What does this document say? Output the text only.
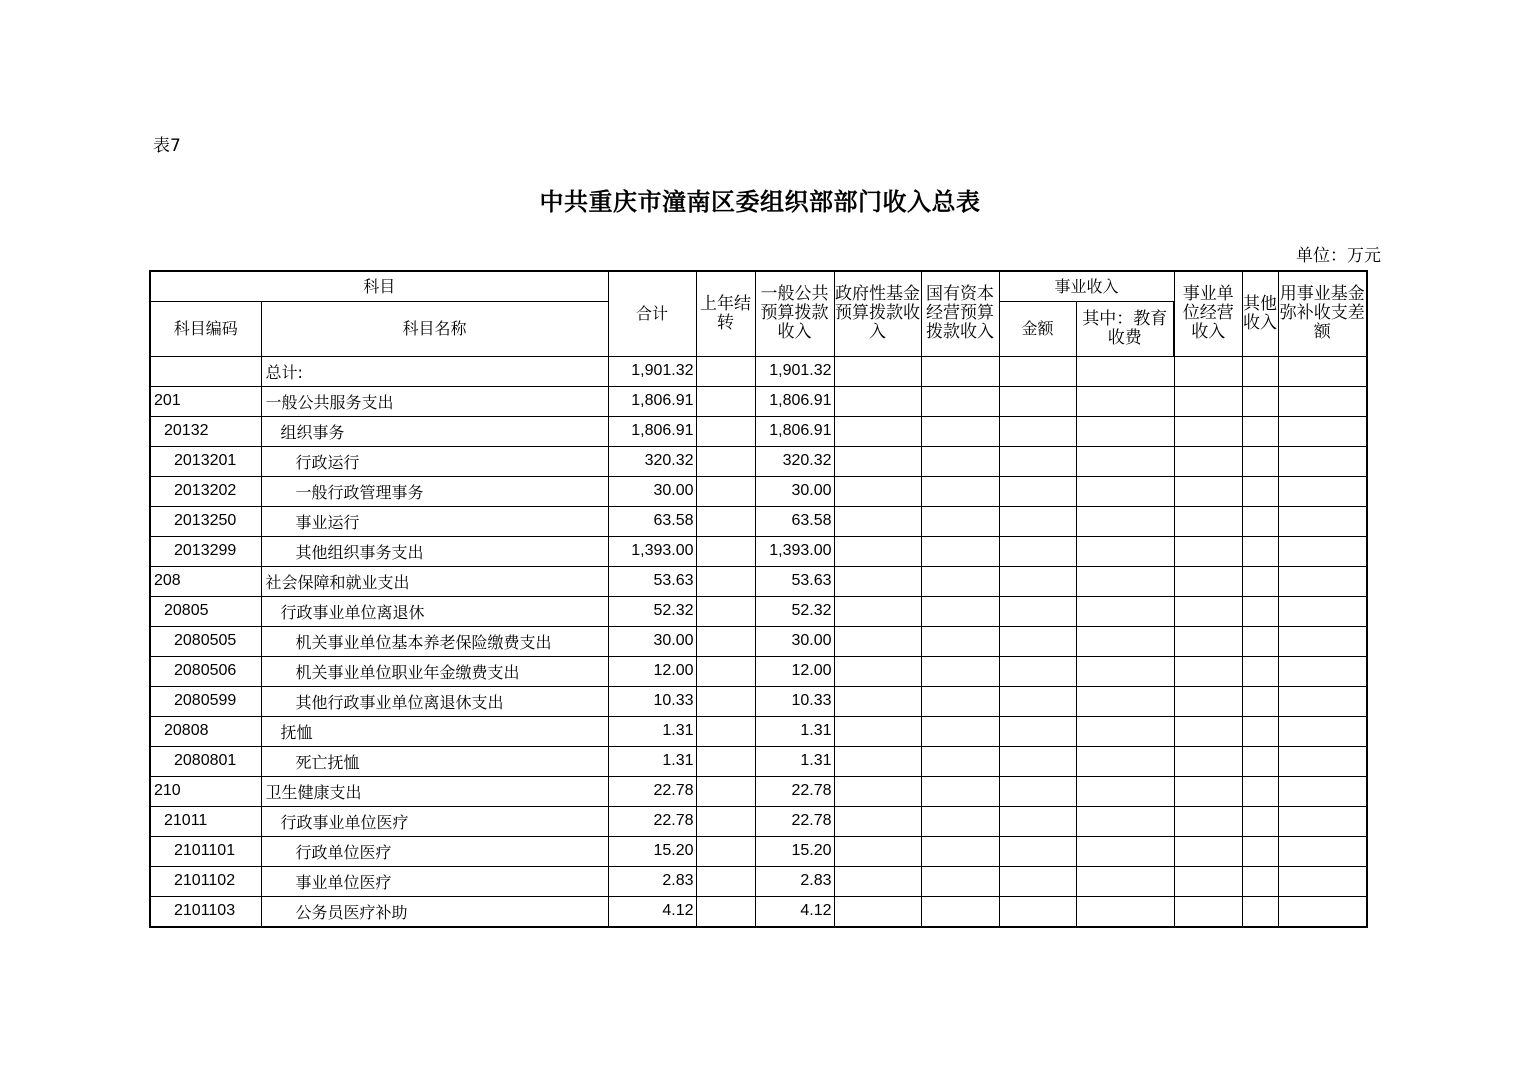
表7
中共重庆市潼南区委组织部部门收入总表
单位：万元
科目		合计	上年结转	一般公共预算拨款收入	政府性基金预算拨款收入	国有资本经营预算拨款收入	事业收入		事业单位经营收入	其他收入	用事业基金弥补收支差额
科目编码	科目名称						金额	其中：教育收费			
	总计:	1,901.32		1,901.32							
201	一般公共服务支出	1,806.91		1,806.91							
20132	组织事务	1,806.91		1,806.91							
2013201	行政运行	320.32		320.32							
2013202	一般行政管理事务	30.00		30.00							
2013250	事业运行	63.58		63.58							
2013299	其他组织事务支出	1,393.00		1,393.00							
208	社会保障和就业支出	53.63		53.63							
20805	行政事业单位离退休	52.32		52.32							
2080505	机关事业单位基本养老保险缴费支出	30.00		30.00							
2080506	机关事业单位职业年金缴费支出	12.00		12.00							
2080599	其他行政事业单位离退休支出	10.33		10.33							
20808	抚恤	1.31		1.31							
2080801	死亡抚恤	1.31		1.31							
210	卫生健康支出	22.78		22.78							
21011	行政事业单位医疗	22.78		22.78							
2101101	行政单位医疗	15.20		15.20							
2101102	事业单位医疗	2.83		2.83							
2101103	公务员医疗补助	4.12		4.12							
